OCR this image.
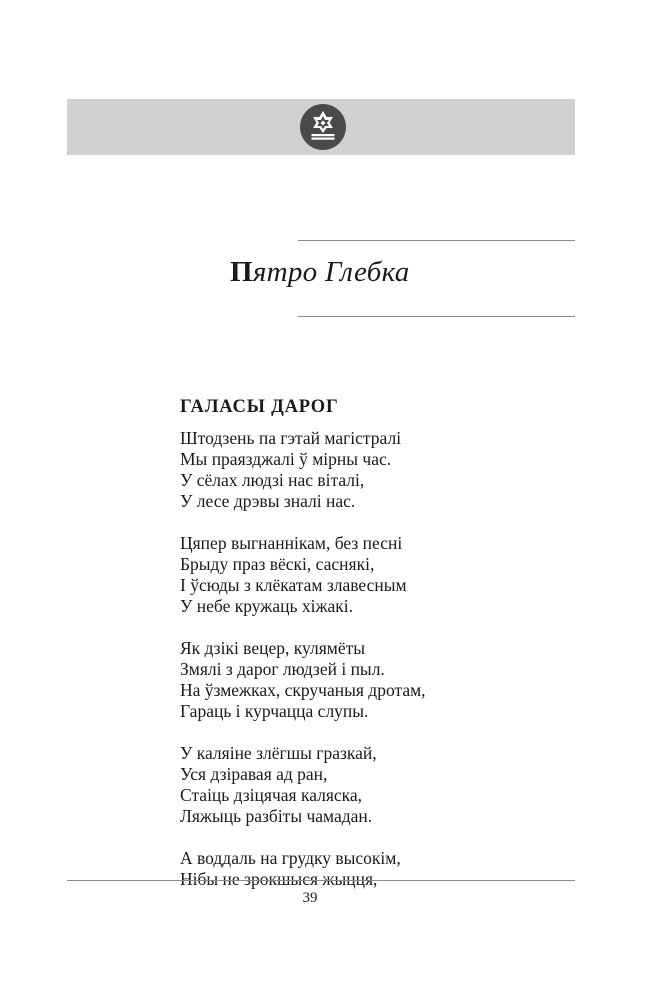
Пятро Глебка
ГАЛАСЫ ДАРОГ
Штодзень па гэтай магістралі
Мы праязджалі ў мірны час.
У сёлах людзі нас віталі,
У лесе дрэвы зналі нас.
Цяпер выгнаннікам, без песні
Брыду праз вёскі, саснякі,
І ўсюды з клёкатам злавесным
У небе кружаць хіжакі.
Як дзікі вецер, кулямёты
Змялі з дарог людзей і пыл.
На ўзмежках, скручаныя дротам,
Гараць і курчацца слупы.
У каляіне злёгшы гразкай,
Уся дзіравая ад ран,
Стаіць дзіцячая каляска,
Ляжыць разбіты чамадан.
А воддаль на грудку высокім,
Нібы не зрокшыся жыцця,
39
